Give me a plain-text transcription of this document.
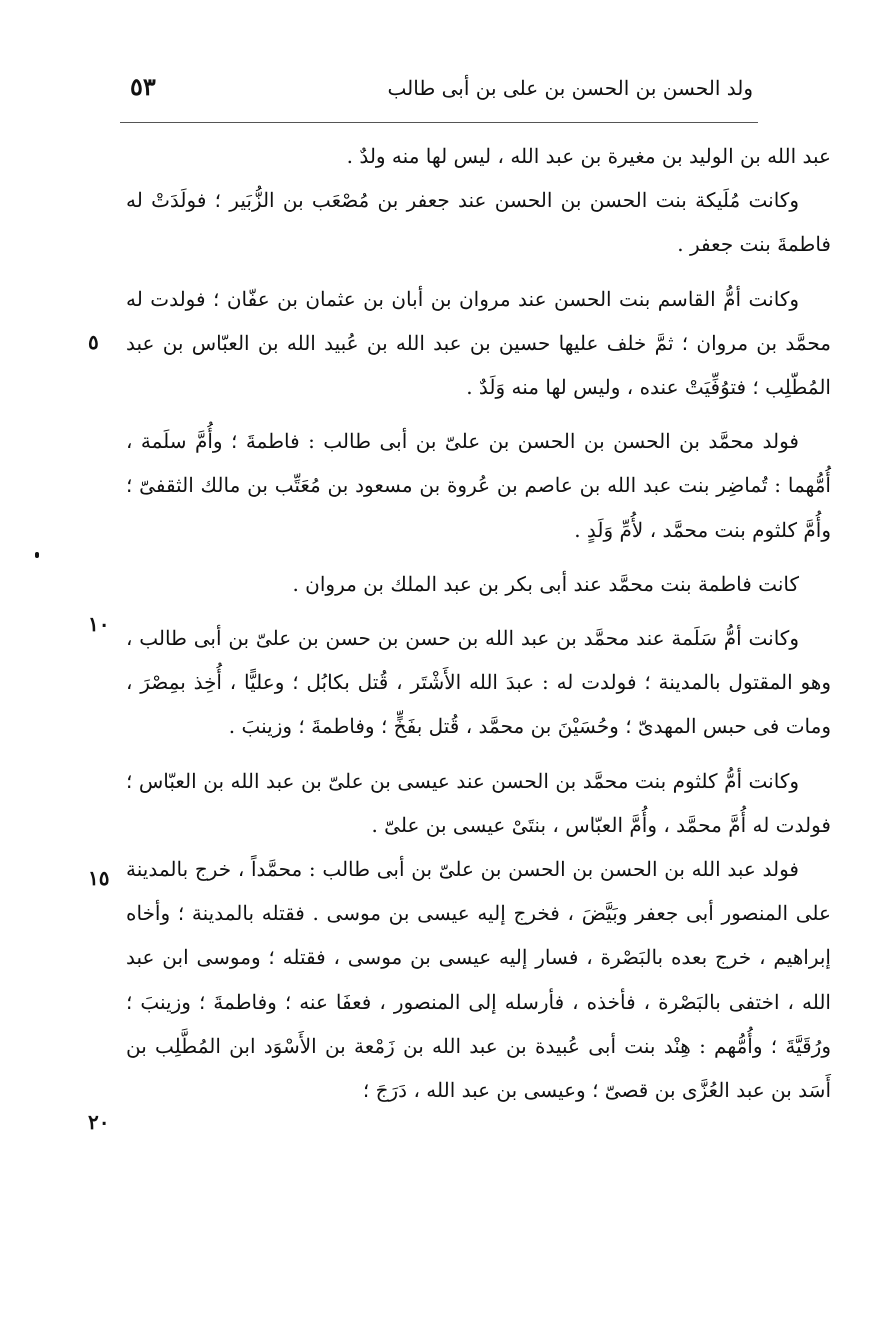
ولد الحسن بن الحسن بن على بن أبى طالب
٥٣

عبد الله بن الوليد بن مغيرة بن عبد الله ، ليس لها منه ولدٌ .

وكانت مُلَيكة بنت الحسن بن الحسن عند جعفر بن مُصْعَب بن الزُّبَير ؛ فولَدَتْ له فاطمةَ بنت جعفر .

وكانت أمُّ القاسم بنت الحسن عند مروان بن أبان بن عثمان بن عفّان ؛ فولدت له محمَّد بن مروان ؛ ثمَّ خلف عليها حسين بن عبد الله بن عُبيد الله بن العبّاس بن عبد المُطّلِب ؛ فتوُفِّيَتْ عنده ، وليس لها منه وَلَدٌ .

فولد محمَّد بن الحسن بن الحسن بن علىّ بن أبى طالب : فاطمةَ ؛ وأُمَّ سلَمة ، أُمُّهما : تُماضِر بنت عبد الله بن عاصم بن عُروة بن مسعود بن مُعَتِّب بن مالك الثقفىّ ؛ وأُمَّ كلثوم بنت محمَّد ، لأُمِّ وَلَدٍ .

كانت فاطمة بنت محمَّد عند أبى بكر بن عبد الملك بن مروان .

وكانت أمُّ سَلَمة عند محمَّد بن عبد الله بن حسن بن حسن بن علىّ بن أبى طالب ، وهو المقتول بالمدينة ؛ فولدت له : عبدَ الله الأَشْتَر ، قُتل بكابُل ؛ وعليًّا ، أُخِذ بمِصْرَ ، ومات فى حبس المهدىّ ؛ وحُسَيْنَ بن محمَّد ، قُتل بفَخٍّ ؛ وفاطمةَ ؛ وزينبَ .

وكانت أمُّ كلثوم بنت محمَّد بن الحسن عند عيسى بن علىّ بن عبد الله بن العبّاس ؛ فولدت له أُمَّ محمَّد ، وأُمَّ العبّاس ، بنتَىْ عيسى بن علىّ .

فولد عبد الله بن الحسن بن الحسن بن علىّ بن أبى طالب : محمَّداً ، خرج بالمدينة على المنصور أبى جعفر وبَيَّضَ ، فخرج إليه عيسى بن موسى . فقتله بالمدينة ؛ وأخاه إبراهيم ، خرج بعده بالبَصْرة ، فسار إليه عيسى بن موسى ، فقتله ؛ وموسى ابن عبد الله ، اختفى بالبَصْرة ، فأخذه ، فأرسله إلى المنصور ، فعفَا عنه ؛ وفاطمةَ ؛ وزينبَ ؛ ورُقَيَّةَ ؛ وأُمُّهم : هِنْد بنت أبى عُبيدة بن عبد الله بن زَمْعة بن الأَسْوَد ابن المُطَّلِب بن أَسَد بن عبد العُزَّى بن قصىّ ؛ وعيسى بن عبد الله ، دَرَجَ ؛

٥
١٠
١٥
٢٠
